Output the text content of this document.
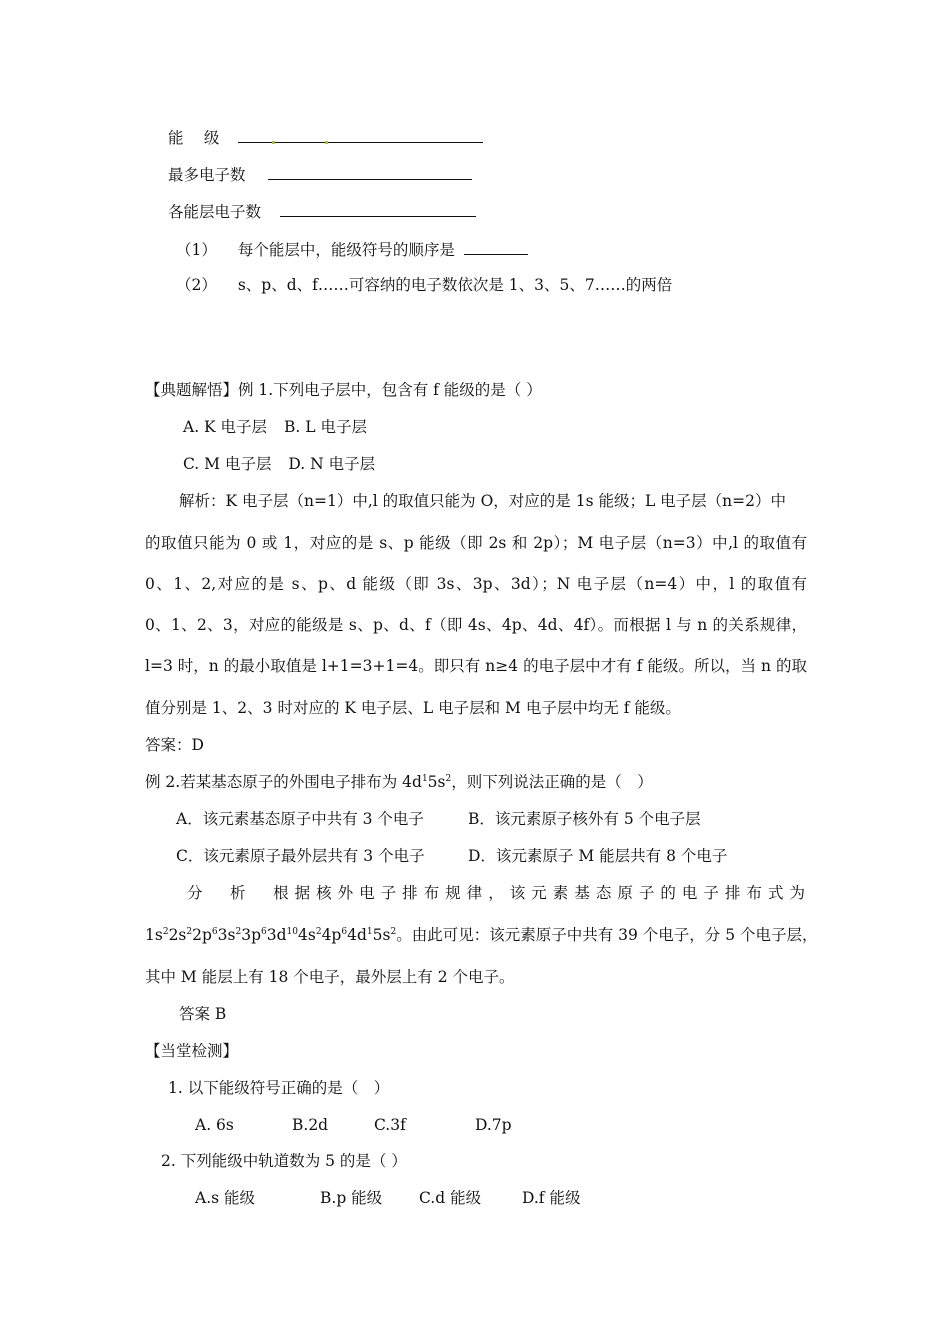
能　 级
最多电子数
各能层电子数
（1） 每个能层中，能级符号的顺序是
（2） s、p、d、f……可容纳的电子数依次是 1、3、5、7……的两倍
【典题解悟】例 1.下列电子层中，包含有 f 能级的是（ ）
A. K 电子层 B. L 电子层
C. M 电子层 D. N 电子层
解析：K 电子层（n=1）中,l 的取值只能为 O，对应的是 1s 能级；L 电子层（n=2）中
的取值只能为 0 或 1，对应的是 s、p 能级（即 2s 和 2p）；M 电子层（n=3）中,l 的取值有
0、1、2,对应的是 s、p、d 能级（即 3s、3p、3d）；N 电子层（n=4）中，l 的取值有
0、1、2、3，对应的能级是 s、p、d、f（即 4s、4p、4d、4f）。而根据 l 与 n 的关系规律，
l=3 时，n 的最小取值是 l+1=3+1=4。即只有 n≥4 的电子层中才有 f 能级。所以，当 n 的取
值分别是 1、2、3 时对应的 K 电子层、L 电子层和 M 电子层中均无 f 能级。
答案：D
例 2.若某基态原子的外围电子排布为 $4d^15s^2$，则下列说法正确的是（　）
A．该元素基态原子中共有 3 个电子	B．该元素原子核外有 5 个电子层
C．该元素原子最外层共有 3 个电子	D．该元素原子 M 能层共有 8 个电子
分　析　根据核外电子排布规律，该元素基态原子的电子排布式为
$1s^22s^22p^63s^23p^63d^{10}4s^24p^64d^15s^2$。由此可见：该元素原子中共有 39 个电子，分 5 个电子层，
其中 M 能层上有 18 个电子，最外层上有 2 个电子。
答案 B
【当堂检测】
1. 以下能级符号正确的是（　）
A. 6s	B.2d	C.3f	D.7p
2. 下列能级中轨道数为 5 的是（ ）
A.s 能级	B.p 能级 C.d 能级	D.f 能级
